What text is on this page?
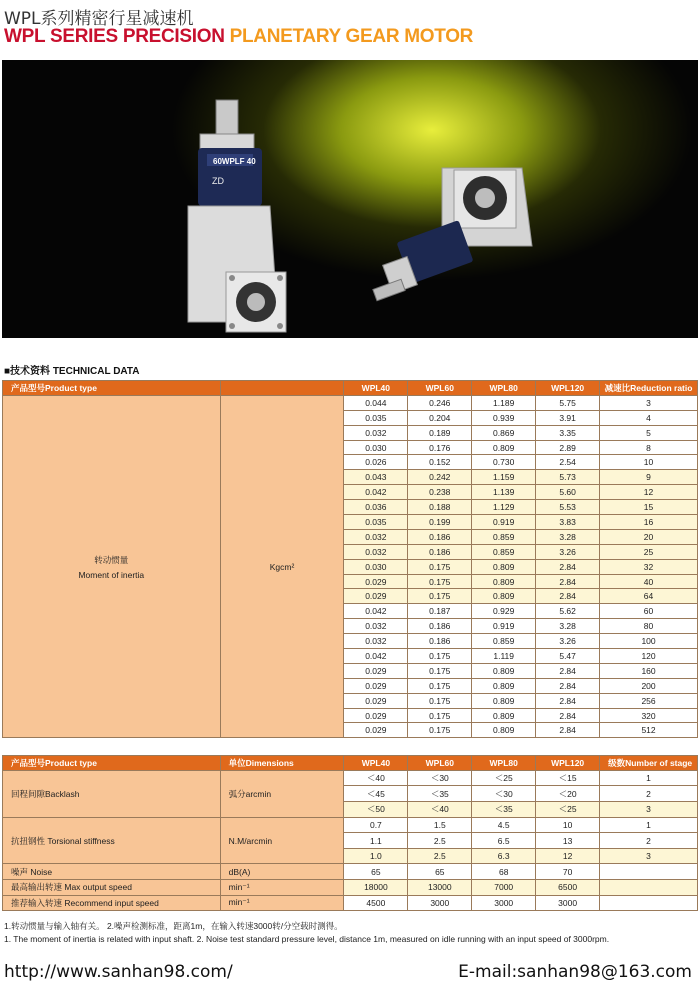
WPL系列精密行星减速机
WPL SERIES PRECISION PLANETARY GEAR MOTOR
60WPLF 40
ZD
■技术资料 TECHNICAL DATA
产品型号Product type		WPL40	WPL60	WPL80	WPL120	减速比Reduction ratio

转动惯量
Moment of inertia	Kgcm²	0.044	0.246	1.189	5.75	3
		0.035	0.204	0.939	3.91	4
		0.032	0.189	0.869	3.35	5
		0.030	0.176	0.809	2.89	8
		0.026	0.152	0.730	2.54	10
		0.043	0.242	1.159	5.73	9
		0.042	0.238	1.139	5.60	12
		0.036	0.188	1.129	5.53	15
		0.035	0.199	0.919	3.83	16
		0.032	0.186	0.859	3.28	20
		0.032	0.186	0.859	3.26	25
		0.030	0.175	0.809	2.84	32
		0.029	0.175	0.809	2.84	40
		0.029	0.175	0.809	2.84	64
		0.042	0.187	0.929	5.62	60
		0.032	0.186	0.919	3.28	80
		0.032	0.186	0.859	3.26	100
		0.042	0.175	1.119	5.47	120
		0.029	0.175	0.809	2.84	160
		0.029	0.175	0.809	2.84	200
		0.029	0.175	0.809	2.84	256
		0.029	0.175	0.809	2.84	320
		0.029	0.175	0.809	2.84	512
产品型号Product type	单位Dimensions	WPL40	WPL60	WPL80	WPL120	级数Number of stage
回程间隙Backlash	弧分arcmin	＜40	＜30	＜25	＜15	1
		＜45	＜35	＜30	＜20	2
		＜50	＜40	＜35	＜25	3
抗扭钢性 Torsional stiffness	N.M/arcmin	0.7	1.5	4.5	10	1
		1.1	2.5	6.5	13	2
		1.0	2.5	6.3	12	3
噪声 Noise	dB(A)	65	65	68	70	
最高输出转速 Max output speed	min⁻¹	18000	13000	7000	6500	
推荐输入转速 Recommend input speed	min⁻¹	4500	3000	3000	3000	
1.转动惯量与输入轴有关。 2.噪声检测标准，距离1m，在输入转速3000转/分空载时测得。
1. The moment of inertia is related with input shaft. 2. Noise test standard pressure level, distance 1m, measured on idle running with an input speed of 3000rpm.
http://www.sanhan98.com/	E-mail:sanhan98@163.com
